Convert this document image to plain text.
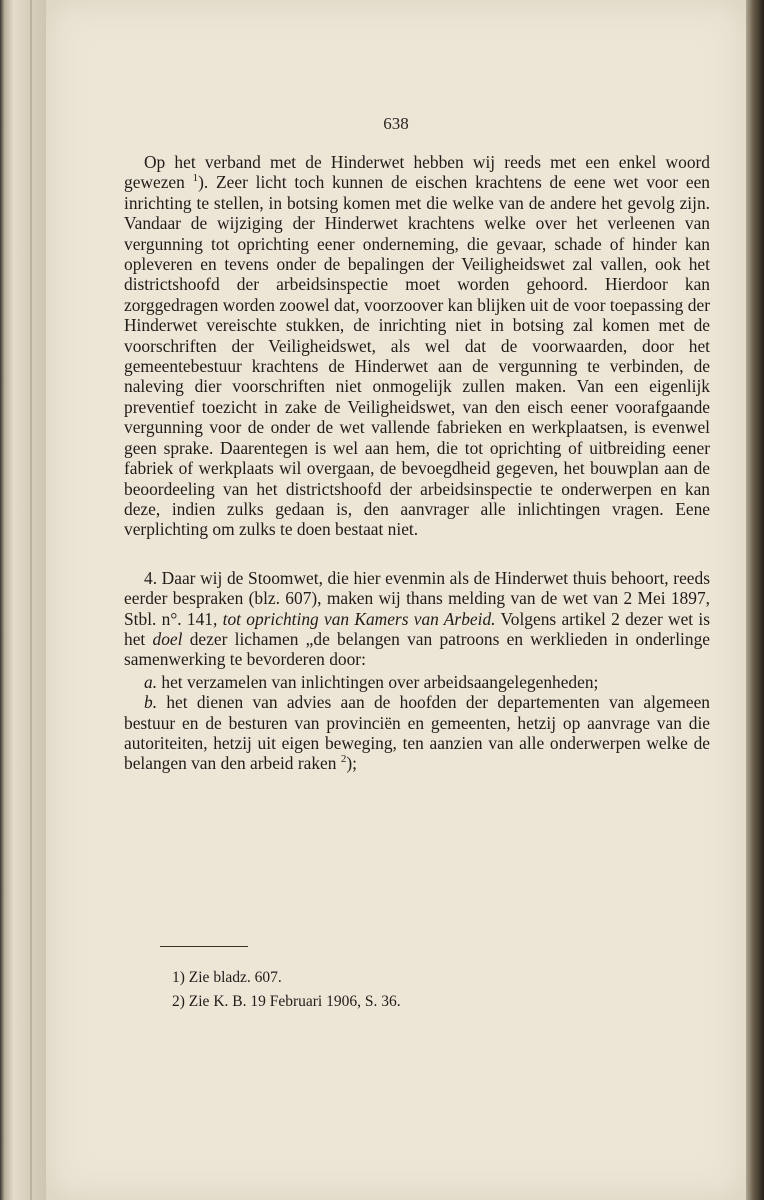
638

Op het verband met de Hinderwet hebben wij reeds met een enkel woord gewezen $^1$). Zeer licht toch kunnen de eischen krachtens de eene wet voor een inrichting te stellen, in botsing komen met die welke van de andere het gevolg zijn. Vandaar de wijziging der Hinderwet krachtens welke over het verleenen van vergunning tot oprichting eener onderneming, die gevaar, schade of hinder kan opleveren en tevens onder de bepalingen der Veiligheidswet zal vallen, ook het districtshoofd der arbeidsinspectie moet worden gehoord. Hierdoor kan zorggedragen worden zoowel dat, voorzoover kan blijken uit de voor toepassing der Hinderwet vereischte stukken, de inrichting niet in botsing zal komen met de voorschriften der Veiligheidswet, als wel dat de voorwaarden, door het gemeentebestuur krachtens de Hinderwet aan de vergunning te verbinden, de naleving dier voorschriften niet onmogelijk zullen maken. Van een eigenlijk preventief toezicht in zake de Veiligheidswet, van den eisch eener voorafgaande vergunning voor de onder de wet vallende fabrieken en werkplaatsen, is evenwel geen sprake. Daarentegen is wel aan hem, die tot oprichting of uitbreiding eener fabriek of werkplaats wil overgaan, de bevoegdheid gegeven, het bouwplan aan de beoordeeling van het districtshoofd der arbeidsinspectie te onderwerpen en kan deze, indien zulks gedaan is, den aanvrager alle inlichtingen vragen. Eene verplichting om zulks te doen bestaat niet.

4. Daar wij de Stoomwet, die hier evenmin als de Hinderwet thuis behoort, reeds eerder bespraken (blz. 607), maken wij thans melding van de wet van 2 Mei 1897, Stbl. n°. 141, tot oprichting van Kamers van Arbeid. Volgens artikel 2 dezer wet is het doel dezer lichamen „de belangen van patroons en werklieden in onderlinge samenwerking te bevorderen door:

a. het verzamelen van inlichtingen over arbeidsaangelegenheden;

b. het dienen van advies aan de hoofden der departementen van algemeen bestuur en de besturen van provinciën en gemeenten, hetzij op aanvrage van die autoriteiten, hetzij uit eigen beweging, ten aanzien van alle onderwerpen welke de belangen van den arbeid raken $^2$);

1) Zie bladz. 607.

2) Zie K. B. 19 Februari 1906, S. 36.
